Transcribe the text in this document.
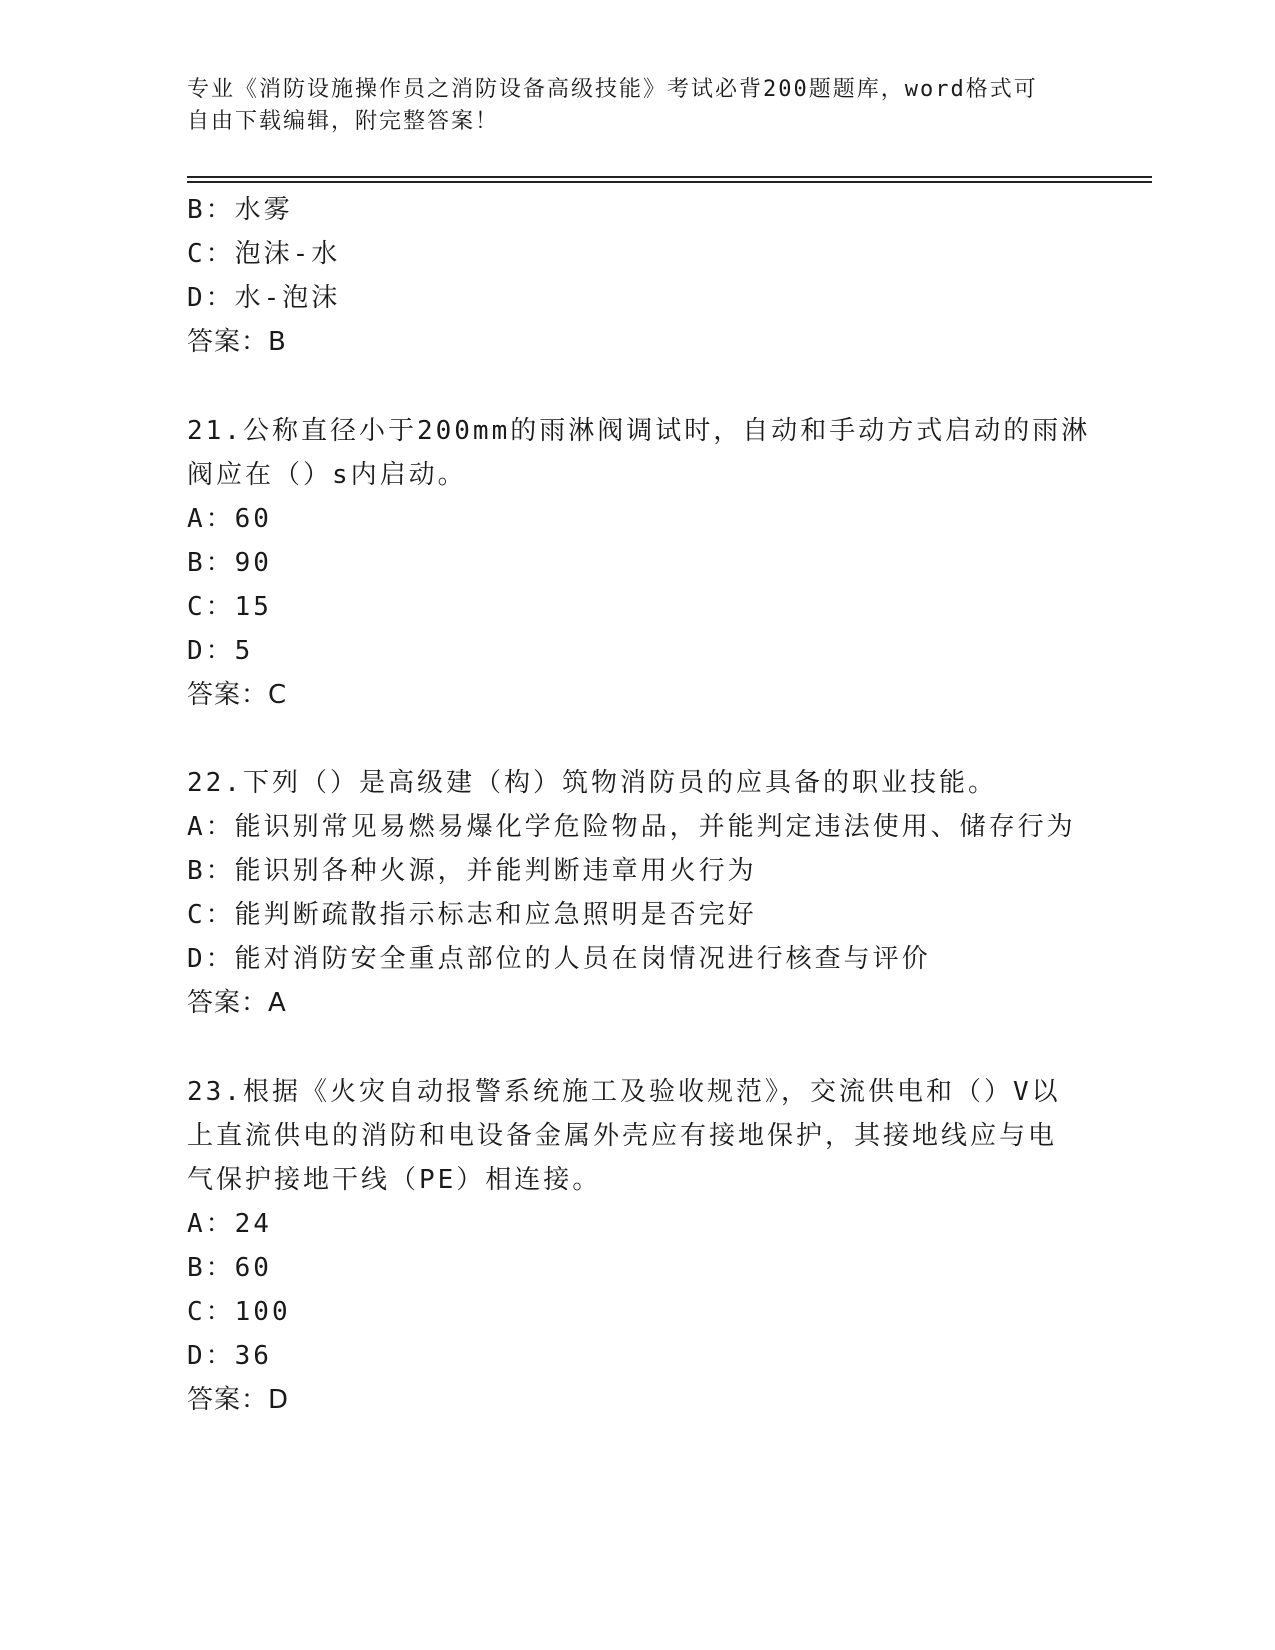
专业《消防设施操作员之消防设备高级技能》考试必背200题题库，word格式可
自由下载编辑，附完整答案！
B：水雾
C：泡沫-水
D：水-泡沫
答案：B
21.公称直径小于200mm的雨淋阀调试时，自动和手动方式启动的雨淋
阀应在（）s内启动。
A：60
B：90
C：15
D：5
答案：C
22.下列（）是高级建（构）筑物消防员的应具备的职业技能。
A：能识别常见易燃易爆化学危险物品，并能判定违法使用、储存行为
B：能识别各种火源，并能判断违章用火行为
C：能判断疏散指示标志和应急照明是否完好
D：能对消防安全重点部位的人员在岗情况进行核查与评价
答案：A
23.根据《火灾自动报警系统施工及验收规范》，交流供电和（）V以
上直流供电的消防和电设备金属外壳应有接地保护，其接地线应与电
气保护接地干线（PE）相连接。
A：24
B：60
C：100
D：36
答案：D
